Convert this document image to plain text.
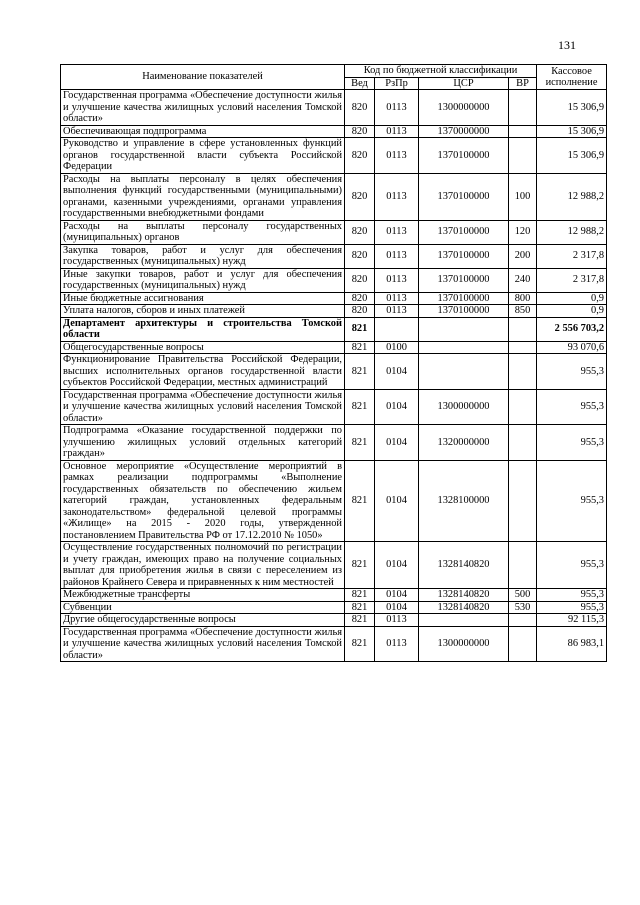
131
Наименование показателей	Код по бюджетной классификации				Кассовое исполнение
	Вед	РзПр	ЦСР	ВР	
Государственная программа «Обеспечение доступности жилья и улучшение качества жилищных условий населения Томской области»	820	0113	1300000000		15 306,9
Обеспечивающая подпрограмма	820	0113	1370000000		15 306,9
Руководство и управление в сфере установленных функций органов государственной власти субъекта Российской Федерации	820	0113	1370100000		15 306,9
Расходы на выплаты персоналу в целях обеспечения выполнения функций государственными (муниципальными) органами, казенными учреждениями, органами управления государственными внебюджетными фондами	820	0113	1370100000	100	12 988,2
Расходы на выплаты персоналу государственных (муниципальных) органов	820	0113	1370100000	120	12 988,2
Закупка товаров, работ и услуг для обеспечения государственных (муниципальных) нужд	820	0113	1370100000	200	2 317,8
Иные закупки товаров, работ и услуг для обеспечения государственных (муниципальных) нужд	820	0113	1370100000	240	2 317,8
Иные бюджетные ассигнования	820	0113	1370100000	800	0,9
Уплата налогов, сборов и иных платежей	820	0113	1370100000	850	0,9
Департамент архитектуры и строительства Томской области	821				2 556 703,2
Общегосударственные вопросы	821	0100			93 070,6
Функционирование Правительства Российской Федерации, высших исполнительных органов государственной власти субъектов Российской Федерации, местных администраций	821	0104			955,3
Государственная программа «Обеспечение доступности жилья и улучшение качества жилищных условий населения Томской области»	821	0104	1300000000		955,3
Подпрограмма «Оказание государственной поддержки по улучшению жилищных условий отдельных категорий граждан»	821	0104	1320000000		955,3
Основное мероприятие «Осуществление мероприятий в рамках реализации подпрограммы «Выполнение государственных обязательств по обеспечению жильем категорий граждан, установленных федеральным законодательством» федеральной целевой программы «Жилище» на 2015 - 2020 годы, утвержденной постановлением Правительства РФ от 17.12.2010 № 1050»	821	0104	1328100000		955,3
Осуществление государственных полномочий по регистрации и учету граждан, имеющих право на получение социальных выплат для приобретения жилья в связи с переселением из районов Крайнего Севера и приравненных к ним местностей	821	0104	1328140820		955,3
Межбюджетные трансферты	821	0104	1328140820	500	955,3
Субвенции	821	0104	1328140820	530	955,3
Другие общегосударственные вопросы	821	0113			92 115,3
Государственная программа «Обеспечение доступности жилья и улучшение качества жилищных условий населения Томской области»	821	0113	1300000000		86 983,1
